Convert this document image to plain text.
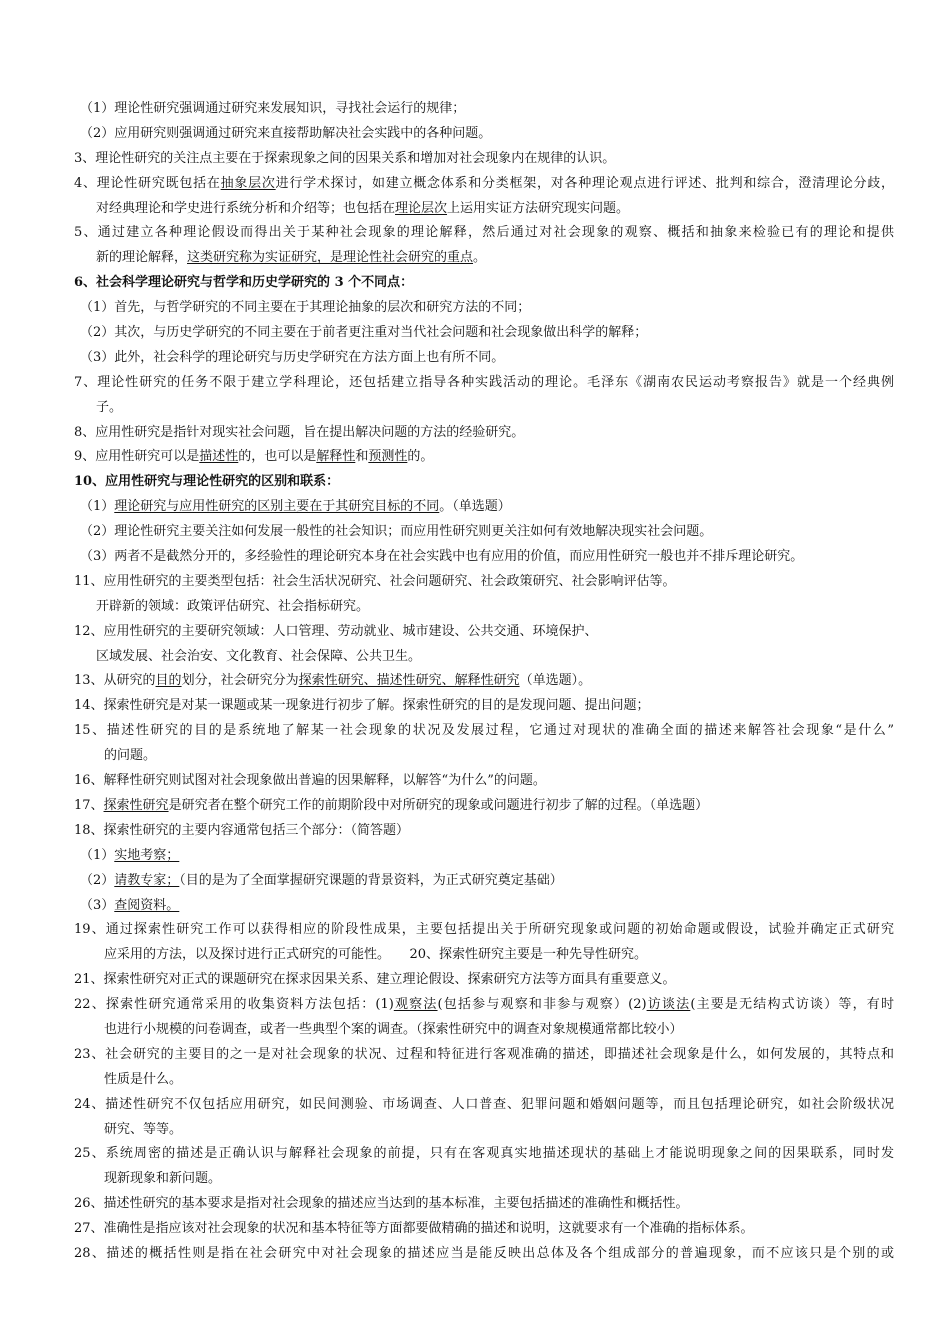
（1）理论性研究强调通过研究来发展知识，寻找社会运行的规律；
（2）应用研究则强调通过研究来直接帮助解决社会实践中的各种问题。
3、理论性研究的关注点主要在于探索现象之间的因果关系和增加对社会现象内在规律的认识。
4、理论性研究既包括在抽象层次进行学术探讨，如建立概念体系和分类框架，对各种理论观点进行评述、批判和综合，澄清理论分歧，
对经典理论和学史进行系统分析和介绍等；也包括在理论层次上运用实证方法研究现实问题。
5、通过建立各种理论假设而得出关于某种社会现象的理论解释，然后通过对社会现象的观察、概括和抽象来检验已有的理论和提供
新的理论解释，这类研究称为实证研究，是理论性社会研究的重点。
6、社会科学理论研究与哲学和历史学研究的 3 个不同点：
（1）首先，与哲学研究的不同主要在于其理论抽象的层次和研究方法的不同；
（2）其次，与历史学研究的不同主要在于前者更注重对当代社会问题和社会现象做出科学的解释；
（3）此外，社会科学的理论研究与历史学研究在方法方面上也有所不同。
7、理论性研究的任务不限于建立学科理论，还包括建立指导各种实践活动的理论。毛泽东《湖南农民运动考察报告》就是一个经典例
子。
8、应用性研究是指针对现实社会问题，旨在提出解决问题的方法的经验研究。
9、应用性研究可以是描述性的，也可以是解释性和预测性的。
10、应用性研究与理论性研究的区别和联系：
（1）理论研究与应用性研究的区别主要在于其研究目标的不同。（单选题）
（2）理论性研究主要关注如何发展一般性的社会知识；而应用性研究则更关注如何有效地解决现实社会问题。
（3）两者不是截然分开的，多经验性的理论研究本身在社会实践中也有应用的价值，而应用性研究一般也并不排斥理论研究。
11、应用性研究的主要类型包括：社会生活状况研究、社会问题研究、社会政策研究、社会影响评估等。
开辟新的领域：政策评估研究、社会指标研究。
12、应用性研究的主要研究领域：人口管理、劳动就业、城市建设、公共交通、环境保护、
区域发展、社会治安、文化教育、社会保障、公共卫生。
13、从研究的目的划分，社会研究分为探索性研究、描述性研究、解释性研究（单选题）。
14、探索性研究是对某一课题或某一现象进行初步了解。探索性研究的目的是发现问题、提出问题；
15、描述性研究的目的是系统地了解某一社会现象的状况及发展过程，它通过对现状的准确全面的描述来解答社会现象“是什么”
的问题。
16、解释性研究则试图对社会现象做出普遍的因果解释，以解答“为什么”的问题。
17、探索性研究是研究者在整个研究工作的前期阶段中对所研究的现象或问题进行初步了解的过程。（单选题）
18、探索性研究的主要内容通常包括三个部分：（简答题）
（1）实地考察；
（2）请教专家；（目的是为了全面掌握研究课题的背景资料，为正式研究奠定基础）
（3）查阅资料。
19、通过探索性研究工作可以获得相应的阶段性成果，主要包括提出关于所研究现象或问题的初始命题或假设，试验并确定正式研究
应采用的方法，以及探讨进行正式研究的可能性。　　20、探索性研究主要是一种先导性研究。
21、探索性研究对正式的课题研究在探求因果关系、建立理论假设、探索研究方法等方面具有重要意义。
22、探索性研究通常采用的收集资料方法包括：(1)观察法(包括参与观察和非参与观察）(2)访谈法(主要是无结构式访谈）等，有时
也进行小规模的问卷调查，或者一些典型个案的调查。（探索性研究中的调查对象规模通常都比较小）
23、社会研究的主要目的之一是对社会现象的状况、过程和特征进行客观准确的描述，即描述社会现象是什么，如何发展的，其特点和
性质是什么。
24、描述性研究不仅包括应用研究，如民间测验、市场调查、人口普查、犯罪问题和婚姻问题等，而且包括理论研究，如社会阶级状况
研究、等等。
25、系统周密的描述是正确认识与解释社会现象的前提，只有在客观真实地描述现状的基础上才能说明现象之间的因果联系，同时发
现新现象和新问题。
26、描述性研究的基本要求是指对社会现象的描述应当达到的基本标准，主要包括描述的准确性和概括性。
27、准确性是指应该对社会现象的状况和基本特征等方面都要做精确的描述和说明，这就要求有一个准确的指标体系。
28、描述的概括性则是指在社会研究中对社会现象的描述应当是能反映出总体及各个组成部分的普遍现象，而不应该只是个别的或
